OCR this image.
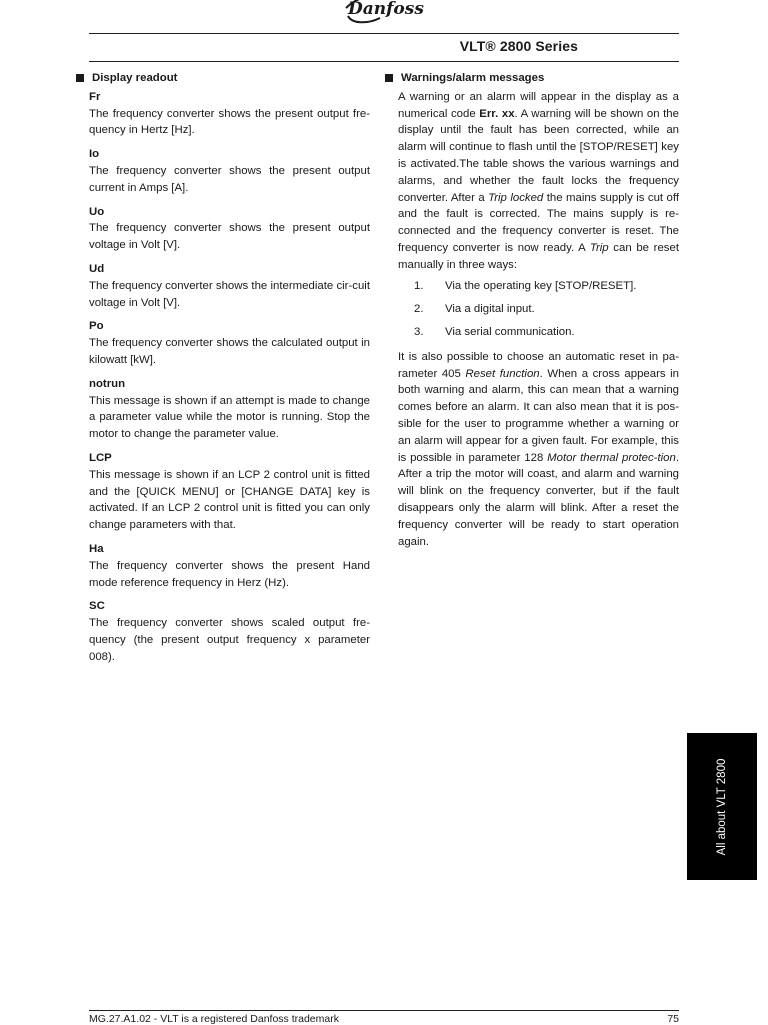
Danfoss
VLT® 2800 Series
Display readout
Fr

The frequency converter shows the present output fre-quency in Hertz [Hz].

Io

The frequency converter shows the present output current in Amps [A].

Uo

The frequency converter shows the present output voltage in Volt [V].

Ud

The frequency converter shows the intermediate cir-cuit voltage in Volt [V].

Po

The frequency converter shows the calculated output in kilowatt [kW].

notrun

This message is shown if an attempt is made to change a parameter value while the motor is running. Stop the motor to change the parameter value.

LCP

This message is shown if an LCP 2 control unit is fitted and the [QUICK MENU] or [CHANGE DATA] key is activated. If an LCP 2 control unit is fitted you can only change parameters with that.

Ha

The frequency converter shows the present Hand mode reference frequency in Herz (Hz).

SC

The frequency converter shows scaled output fre-quency (the present output frequency x parameter 008).

Warnings/alarm messages

A warning or an alarm will appear in the display as a numerical code Err. xx. A warning will be shown on the display until the fault has been corrected, while an alarm will continue to flash until the [STOP/RESET] key is activated.The table shows the various warnings and alarms, and whether the fault locks the frequency converter. After a Trip locked the mains supply is cut off and the fault is corrected. The mains supply is re-connected and the frequency converter is reset. The frequency converter is now ready. A Trip can be reset manually in three ways:

1.	Via the operating key [STOP/RESET].
2.	Via a digital input.
3.	Via serial communication.

It is also possible to choose an automatic reset in pa-rameter 405 Reset function. When a cross appears in both warning and alarm, this can mean that a warning comes before an alarm. It can also mean that it is pos-sible for the user to programme whether a warning or an alarm will appear for a given fault. For example, this is possible in parameter 128 Motor thermal protec-tion. After a trip the motor will coast, and alarm and warning will blink on the frequency converter, but if the fault disappears only the alarm will blink. After a reset the frequency converter will be ready to start operation again.

All about VLT 2800
MG.27.A1.02 - VLT is a registered Danfoss trademark	75
